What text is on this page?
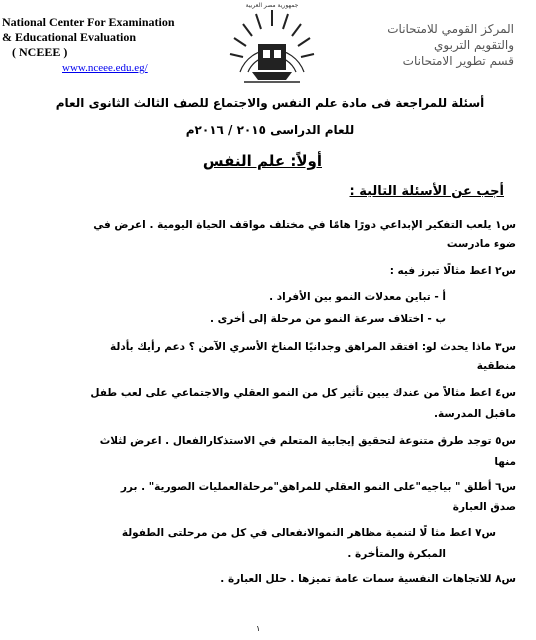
National Center For Examination
& Educational Evaluation
( NCEEE )
www.nceee.edu.eg/
جمهورية مصر العربية
المركز القومي للامتحانات
والتقويم التربوي
قسم تطوير الامتحانات
أسئلة للمراجعة فى مادة علم النفس والاجتماع للصف الثالث الثانوى العام
للعام الدراسى ٢٠١٥ / ٢٠١٦م
أولاً: علم النفس
أجب عن الأسئلة التالية :
س١ يلعب التفكير الإبداعي دورًا هامًا في مختلف مواقف الحياة اليومية . اعرض في
ضوء مادرست
س٢ اعط مثالًا تبرز فيه :
أ - تباين معدلات النمو بين الأفراد .
ب - اختلاف سرعة النمو من مرحلة إلى أخرى .
س٣ ماذا يحدث لو: افتقد المراهق وجدانيًا المناخ الأسري الآمن ؟ دعم رأيك بأدلة
منطقية
س٤ اعط مثالاً من عندك يبين تأثير كل من النمو العقلي والاجتماعي على لعب طفل
ماقبل المدرسة.
س٥ توجد طرق متنوعة لتحقيق إيجابية المتعلم في الاستذكارالفعال . اعرض لثلاث
منها
س٦ أطلق " بياجيه"على النمو العقلي للمراهق"مرحلةالعمليات الصورية" . برر
صدق العبارة
س٧ اعط مثا لًا لتنمية مظاهر النموالانفعالى في كل من مرحلتى الطفولة
المبكرة والمتأخرة .
س٨ للاتجاهات النفسية سمات عامة تميزها . حلل العبارة .
١
